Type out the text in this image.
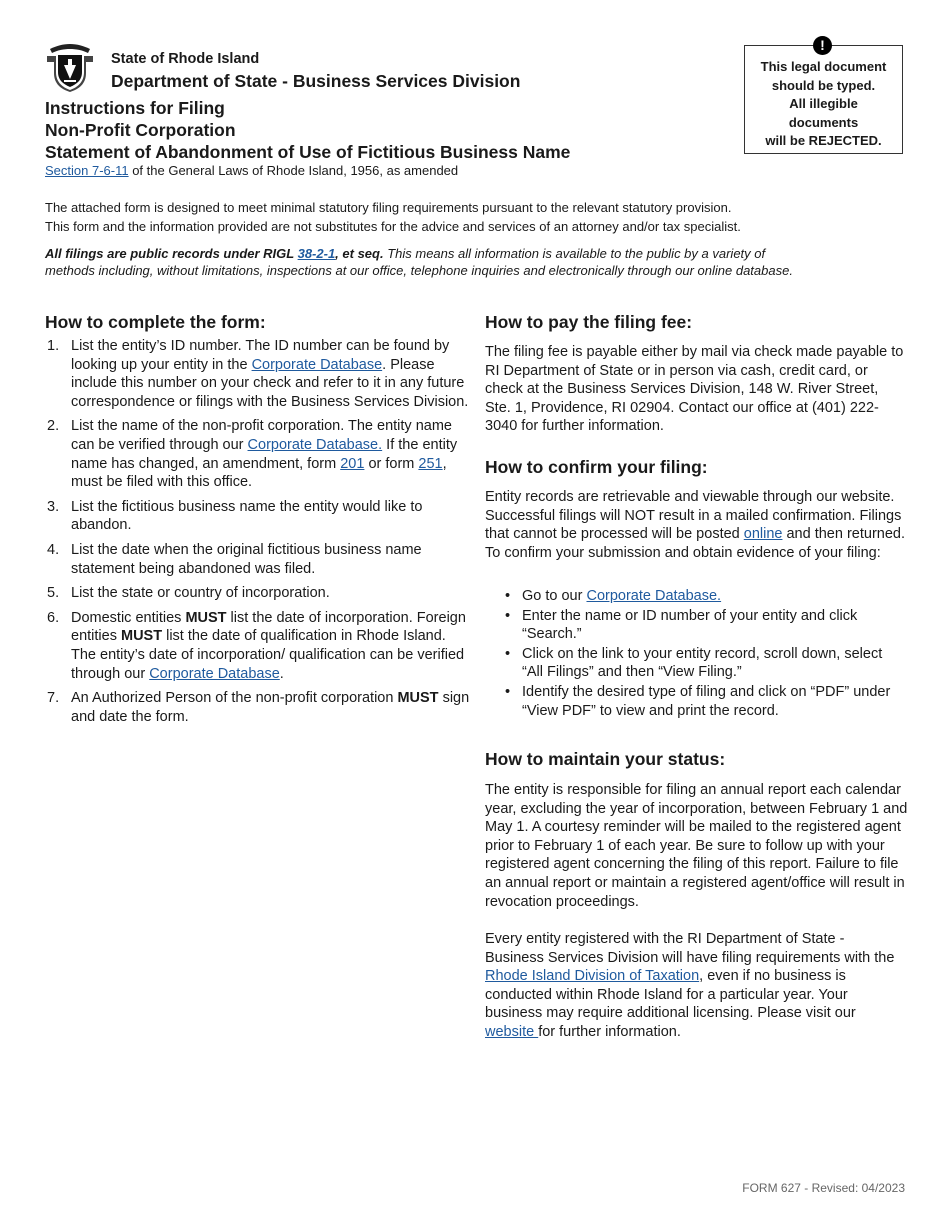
State of Rhode Island
Department of State - Business Services Division
Instructions for Filing
Non-Profit Corporation
Statement of Abandonment of Use of Fictitious Business Name
Section 7-6-11 of the General Laws of Rhode Island, 1956, as amended
!
This legal document
should be typed.
All illegible
documents
will be REJECTED.
The attached form is designed to meet minimal statutory filing requirements pursuant to the relevant statutory provision.
This form and the information provided are not substitutes for the advice and services of an attorney and/or tax specialist.
All filings are public records under RIGL 38-2-1, et seq. This means all information is available to the public by a variety of methods including, without limitations, inspections at our office, telephone inquiries and electronically through our online database.
How to complete the form:
1. List the entity’s ID number. The ID number can be found by looking up your entity in the Corporate Database. Please include this number on your check and refer to it in any future correspondence or filings with the Business Services Division.
2. List the name of the non-profit corporation. The entity name can be verified through our Corporate Database. If the entity name has changed, an amendment, form 201 or form 251, must be filed with this office.
3. List the fictitious business name the entity would like to abandon.
4. List the date when the original fictitious business name statement being abandoned was filed.
5. List the state or country of incorporation.
6. Domestic entities MUST list the date of incorporation. Foreign entities MUST list the date of qualification in Rhode Island. The entity’s date of incorporation/ qualification can be verified through our Corporate Database.
7. An Authorized Person of the non-profit corporation MUST sign and date the form.
How to pay the filing fee:
The filing fee is payable either by mail via check made payable to RI Department of State or in person via cash, credit card, or check at the Business Services Division, 148 W. River Street, Ste. 1, Providence, RI 02904. Contact our office at (401) 222-3040 for further information.
How to confirm your filing:
Entity records are retrievable and viewable through our website. Successful filings will NOT result in a mailed confirmation. Filings that cannot be processed will be posted online and then returned. To confirm your submission and obtain evidence of your filing:
• Go to our Corporate Database.
• Enter the name or ID number of your entity and click “Search.”
• Click on the link to your entity record, scroll down, select “All Filings” and then “View Filing.”
• Identify the desired type of filing and click on “PDF” under “View PDF” to view and print the record.
How to maintain your status:
The entity is responsible for filing an annual report each calendar year, excluding the year of incorporation, between February 1 and May 1. A courtesy reminder will be mailed to the registered agent prior to February 1 of each year. Be sure to follow up with your registered agent concerning the filing of this report. Failure to file an annual report or maintain a registered agent/office will result in revocation proceedings.
Every entity registered with the RI Department of State - Business Services Division will have filing requirements with the Rhode Island Division of Taxation, even if no business is conducted within Rhode Island for a particular year. Your business may require additional licensing. Please visit our website for further information.
FORM 627 - Revised: 04/2023
